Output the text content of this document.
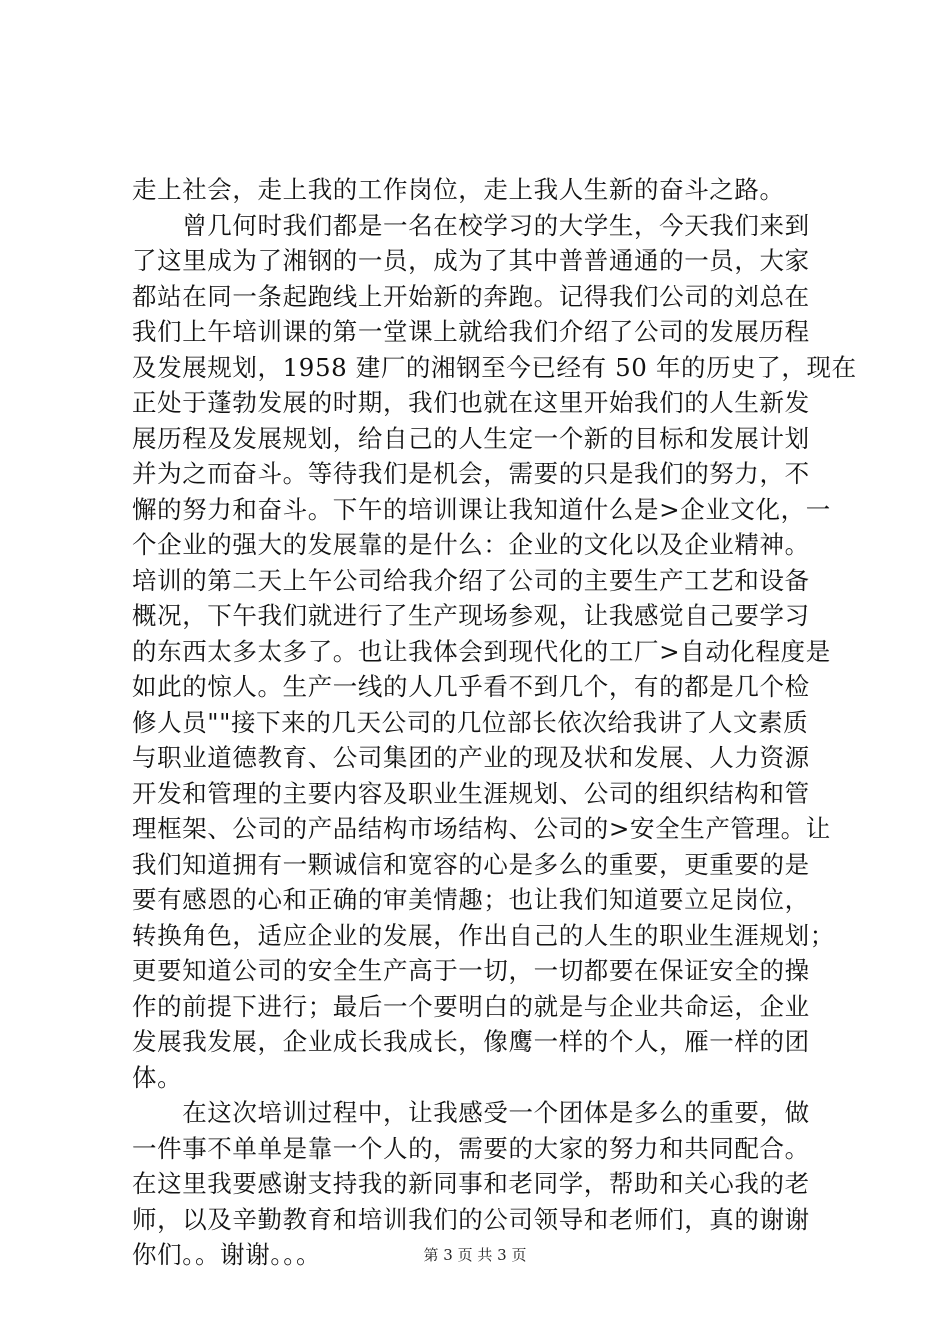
走上社会，走上我的工作岗位，走上我人生新的奋斗之路。
　　曾几何时我们都是一名在校学习的大学生，今天我们来到
了这里成为了湘钢的一员，成为了其中普普通通的一员，大家
都站在同一条起跑线上开始新的奔跑。记得我们公司的刘总在
我们上午培训课的第一堂课上就给我们介绍了公司的发展历程
及发展规划，1958 建厂的湘钢至今已经有 50 年的历史了，现在
正处于蓬勃发展的时期，我们也就在这里开始我们的人生新发
展历程及发展规划，给自己的人生定一个新的目标和发展计划
并为之而奋斗。等待我们是机会，需要的只是我们的努力，不
懈的努力和奋斗。下午的培训课让我知道什么是>企业文化，一
个企业的强大的发展靠的是什么：企业的文化以及企业精神。
培训的第二天上午公司给我介绍了公司的主要生产工艺和设备
概况，下午我们就进行了生产现场参观，让我感觉自己要学习
的东西太多太多了。也让我体会到现代化的工厂>自动化程度是
如此的惊人。生产一线的人几乎看不到几个，有的都是几个检
修人员""接下来的几天公司的几位部长依次给我讲了人文素质
与职业道德教育、公司集团的产业的现及状和发展、人力资源
开发和管理的主要内容及职业生涯规划、公司的组织结构和管
理框架、公司的产品结构市场结构、公司的>安全生产管理。让
我们知道拥有一颗诚信和宽容的心是多么的重要，更重要的是
要有感恩的心和正确的审美情趣；也让我们知道要立足岗位，
转换角色，适应企业的发展，作出自己的人生的职业生涯规划；
更要知道公司的安全生产高于一切，一切都要在保证安全的操
作的前提下进行；最后一个要明白的就是与企业共命运，企业
发展我发展，企业成长我成长，像鹰一样的个人，雁一样的团
体。
　　在这次培训过程中，让我感受一个团体是多么的重要，做
一件事不单单是靠一个人的，需要的大家的努力和共同配合。
在这里我要感谢支持我的新同事和老同学，帮助和关心我的老
师，以及辛勤教育和培训我们的公司领导和老师们，真的谢谢
你们。。谢谢。。。	第 3 页 共 3 页
